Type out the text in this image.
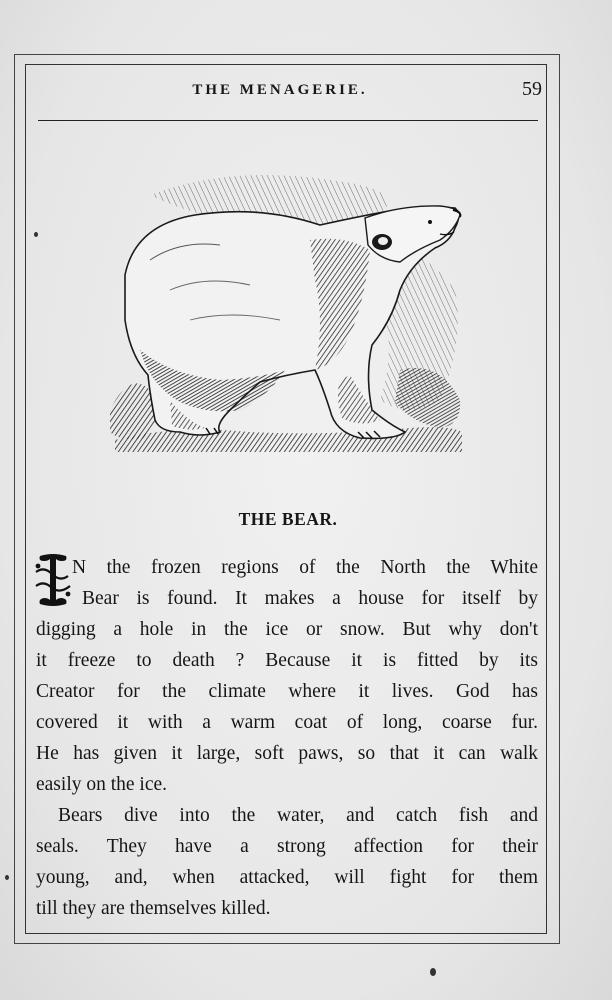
THE MENAGERIE.	59
THE BEAR.
N the frozen regions of the North the White
Bear is found. It makes a house for itself by
digging a hole in the ice or snow. But why don't
it freeze to death ? Because it is fitted by its
Creator for the climate where it lives. God has
covered it with a warm coat of long, coarse fur.
He has given it large, soft paws, so that it can walk
easily on the ice.
Bears dive into the water, and catch fish and
seals. They have a strong affection for their
young, and, when attacked, will fight for them
till they are themselves killed.
